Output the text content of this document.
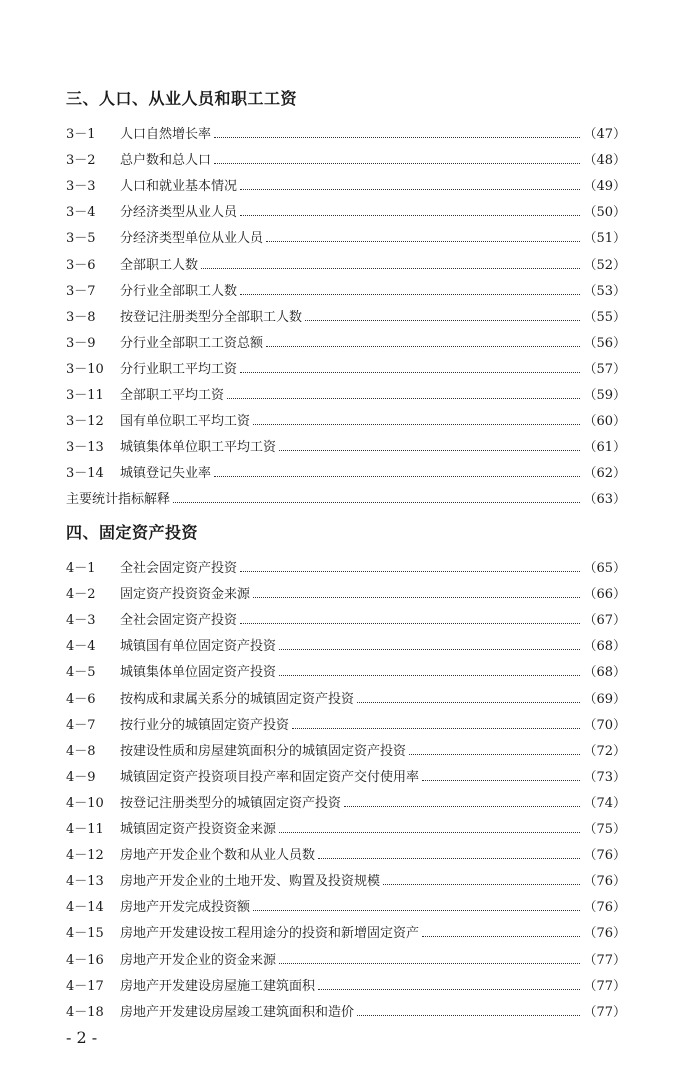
三、人口、从业人员和职工工资
3－1	人口自然增长率	（47）
3－2	总户数和总人口	（48）
3－3	人口和就业基本情况	（49）
3－4	分经济类型从业人员	（50）
3－5	分经济类型单位从业人员	（51）
3－6	全部职工人数	（52）
3－7	分行业全部职工人数	（53）
3－8	按登记注册类型分全部职工人数	（55）
3－9	分行业全部职工工资总额	（56）
3－10	分行业职工平均工资	（57）
3－11	全部职工平均工资	（59）
3－12	国有单位职工平均工资	（60）
3－13	城镇集体单位职工平均工资	（61）
3－14	城镇登记失业率	（62）
主要统计指标解释	（63）
四、固定资产投资
4－1	全社会固定资产投资	（65）
4－2	固定资产投资资金来源	（66）
4－3	全社会固定资产投资	（67）
4－4	城镇国有单位固定资产投资	（68）
4－5	城镇集体单位固定资产投资	（68）
4－6	按构成和隶属关系分的城镇固定资产投资	（69）
4－7	按行业分的城镇固定资产投资	（70）
4－8	按建设性质和房屋建筑面积分的城镇固定资产投资	（72）
4－9	城镇固定资产投资项目投产率和固定资产交付使用率	（73）
4－10	按登记注册类型分的城镇固定资产投资	（74）
4－11	城镇固定资产投资资金来源	（75）
4－12	房地产开发企业个数和从业人员数	（76）
4－13	房地产开发企业的土地开发、购置及投资规模	（76）
4－14	房地产开发完成投资额	（76）
4－15	房地产开发建设按工程用途分的投资和新增固定资产	（76）
4－16	房地产开发企业的资金来源	（77）
4－17	房地产开发建设房屋施工建筑面积	（77）
4－18	房地产开发建设房屋竣工建筑面积和造价	（77）
- 2 -
